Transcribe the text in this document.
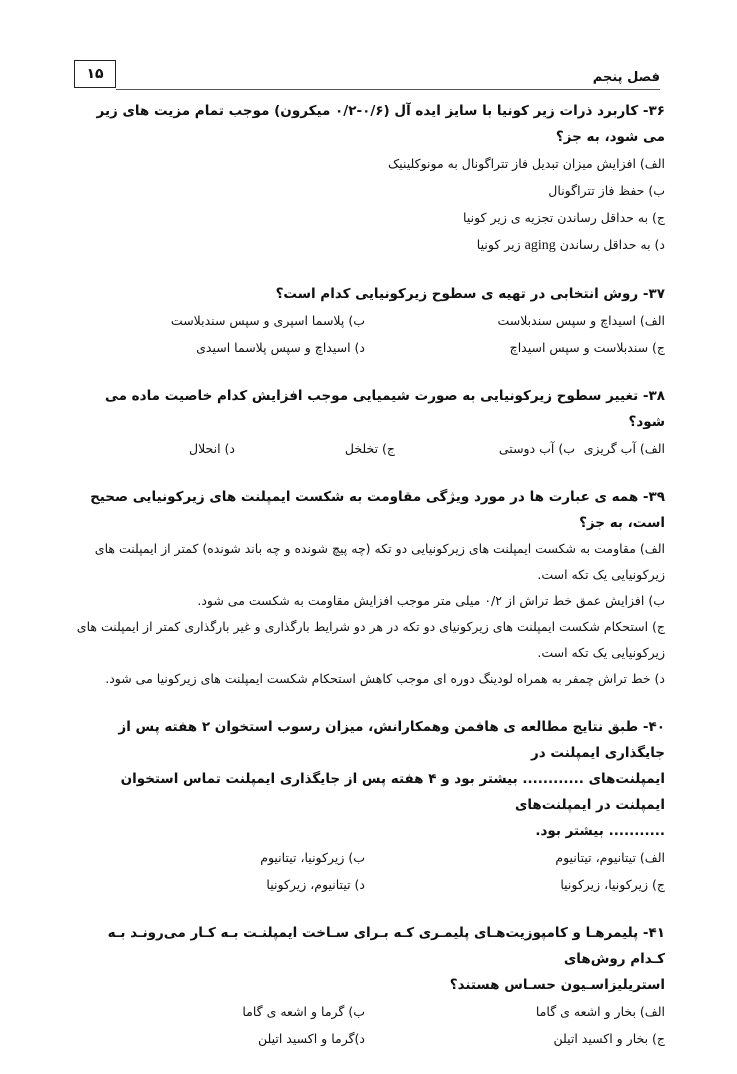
۱۵	فصل پنجم

۳۶- کاربرد ذرات زیر کونیا با سایز ایده آل (۰/۶-۰/۲ میکرون) موجب تمام مزیت های زیر می شود، به جز؟

الف) افزایش میزان تبدیل فاز تتراگونال به مونوکلینیک

ب) حفظ فاز تتراگونال

ج) به حداقل رساندن تجزیه ی زیر کونیا

د) به حداقل رساندن aging زیر کونیا

۳۷- روش انتخابی در تهیه ی سطوح زیرکونیایی کدام است؟

الف) اسیداچ و سپس سندبلاست
ب) پلاسما اسپری و سپس سندبلاست
ج) سندبلاست و سپس اسیداچ
د) اسیداچ و سپس پلاسما اسیدی

۳۸- تغییر سطوح زیرکونیایی به صورت شیمیایی موجب افزایش کدام خاصیت ماده می شود؟

الف) آب گریزی
ب) آب دوستی
ج) تخلخل
د) انحلال

۳۹- همه ی عبارت ها در مورد ویژگی مقاومت به شکست ایمپلنت های زیرکونیایی صحیح است، به جز؟

الف) مقاومت به شکست ایمپلنت های زیرکونیایی دو تکه (چه پیچ شونده و چه باند شونده) کمتر از ایمپلنت های

زیرکونیایی یک تکه است.

ب) افزایش عمق خط تراش از ۰/۲ میلی متر موجب افزایش مقاومت به شکست می شود.

ج) استحکام شکست ایمپلنت های زیرکونیای دو تکه در هر دو شرایط بارگذاری و غیر بارگذاری کمتر از ایمپلنت های

زیرکونیایی یک تکه است.

د) خط تراش چمفر به همراه لودینگ دوره ای موجب کاهش استحکام شکست ایمپلنت های زیرکونیا می شود.

۴۰- طبق نتایج مطالعه ی هافمن وهمکارانش، میزان رسوب استخوان ۲ هفته پس از جایگذاری ایمپلنت در

ایمپلنت‌های ............ بیشتر بود و ۴ هفته پس از جایگذاری ایمپلنت تماس استخوان ایمپلنت در ایمپلنت‌های

........... بیشتر بود.

الف) تیتانیوم، تیتانیوم
ب) زیرکونیا، تیتانیوم
ج) زیرکونیا، زیرکونیا
د) تیتانیوم، زیرکونیا

۴۱- پلیمرهـا و کامپوزیت‌هـای پلیمـری کـه بـرای سـاخت ایمپلنـت بـه کـار می‌رونـد بـه کـدام روش‌های

استریلیزاسـیون حسـاس هستند؟

الف) بخار و اشعه ی گاما
ب) گرما و اشعه ی گاما
ج) بخار و اکسید اتیلن
د)گرما و اکسید اتیلن
